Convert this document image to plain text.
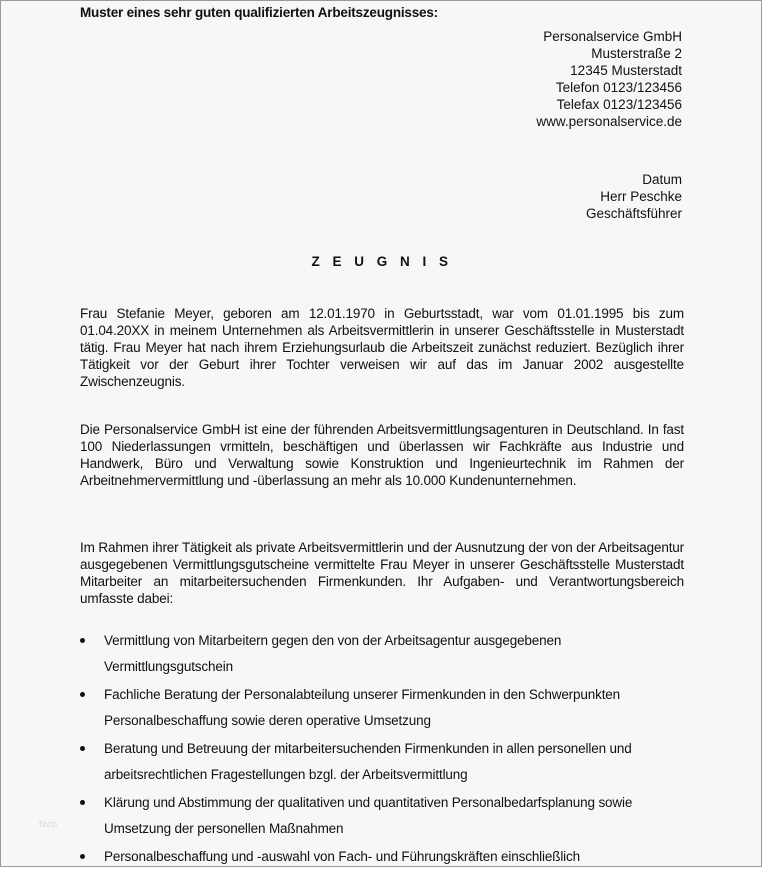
Muster eines sehr guten qualifizierten Arbeitszeugnisses:
Personalservice GmbH
Musterstraße 2
12345 Musterstadt
Telefon 0123/123456
Telefax 0123/123456
www.personalservice.de
Datum
Herr Peschke
Geschäftsführer
Z E U G N I S
Frau Stefanie Meyer, geboren am 12.01.1970 in Geburtsstadt, war vom 01.01.1995 bis zum 01.04.20XX in meinem Unternehmen als Arbeitsvermittlerin in unserer Geschäftsstelle in Musterstadt tätig. Frau Meyer hat nach ihrem Erziehungsurlaub die Arbeitszeit zunächst reduziert. Bezüglich ihrer Tätigkeit vor der Geburt ihrer Tochter verweisen wir auf das im Januar 2002 ausgestellte Zwischenzeugnis.
Die Personalservice GmbH ist eine der führenden Arbeitsvermittlungsagenturen in Deutschland. In fast 100 Niederlassungen vrmitteln, beschäftigen und überlassen wir Fachkräfte aus Industrie und Handwerk, Büro und Verwaltung sowie Konstruktion und Ingenieurtechnik im Rahmen der Arbeitnehmervermittlung und -überlassung an mehr als 10.000 Kundenunternehmen.
Im Rahmen ihrer Tätigkeit als private Arbeitsvermittlerin und der Ausnutzung der von der Arbeitsagentur ausgegebenen Vermittlungsgutscheine vermittelte Frau Meyer in unserer Geschäftsstelle Musterstadt Mitarbeiter an mitarbeitersuchenden Firmenkunden. Ihr Aufgaben- und Verantwortungsbereich umfasste dabei:
Vermittlung von Mitarbeitern gegen den von der Arbeitsagentur ausgegebenen Vermittlungsgutschein
Fachliche Beratung der Personalabteilung unserer Firmenkunden in den Schwerpunkten Personalbeschaffung sowie deren operative Umsetzung
Beratung und Betreuung der mitarbeitersuchenden Firmenkunden in allen personellen und arbeitsrechtlichen Fragestellungen bzgl. der Arbeitsvermittlung
Klärung und Abstimmung der qualitativen und quantitativen Personalbedarfsplanung sowie Umsetzung der personellen Maßnahmen
Personalbeschaffung und -auswahl von Fach- und Führungskräften einschließlich
fzcp
